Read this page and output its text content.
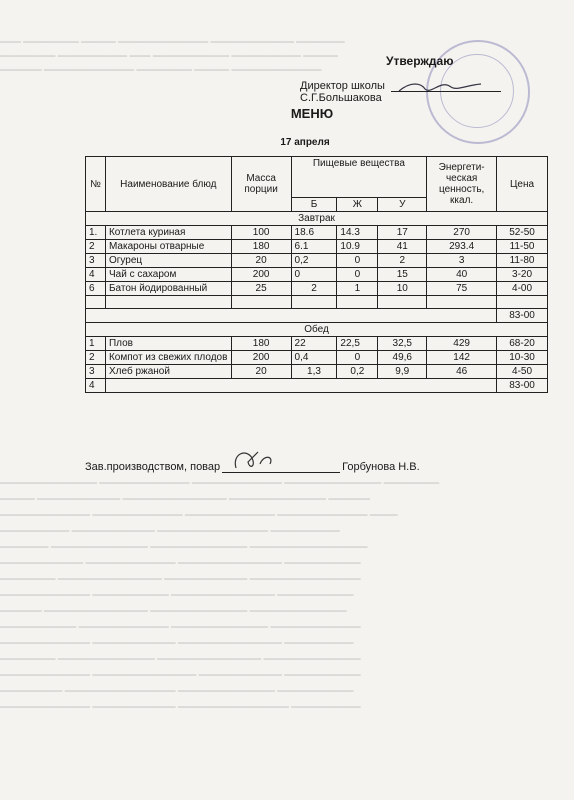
▔▔▔ ▔▔▔▔▔▔▔▔ ▔▔▔▔▔ ▔▔▔▔▔▔▔▔▔▔▔▔▔ ▔▔▔▔▔▔▔▔▔▔▔▔ ▔▔▔▔▔▔▔
▔▔▔▔▔▔▔▔ ▔▔▔▔▔▔▔▔▔▔ ▔▔▔ ▔▔▔▔▔▔▔▔▔▔▔ ▔▔▔▔▔▔▔▔▔▔ ▔▔▔▔▔
▔▔▔▔▔▔ ▔▔▔▔▔▔▔▔▔▔▔▔▔ ▔▔▔▔▔▔▔▔ ▔▔▔▔▔ ▔▔▔▔▔▔▔▔▔▔▔▔▔

▔▔▔▔▔▔▔▔▔▔▔▔▔▔ ▔▔▔▔▔▔▔▔▔▔▔▔▔ ▔▔▔▔▔▔▔▔▔▔▔▔▔ ▔▔▔▔▔▔▔▔▔▔▔▔▔▔ ▔▔▔▔▔▔▔▔
▔▔▔▔▔ ▔▔▔▔▔▔▔▔▔▔▔▔ ▔▔▔▔▔▔▔▔▔▔▔▔▔▔▔ ▔▔▔▔▔▔▔▔▔▔▔▔▔▔ ▔▔▔▔▔▔
▔▔▔▔▔▔▔▔▔▔▔▔▔ ▔▔▔▔▔▔▔▔▔▔▔▔▔ ▔▔▔▔▔▔▔▔▔▔▔▔▔ ▔▔▔▔▔▔▔▔▔▔▔▔▔ ▔▔▔▔
▔▔▔▔▔▔▔▔▔▔ ▔▔▔▔▔▔▔▔▔▔▔▔ ▔▔▔▔▔▔▔▔▔▔▔▔▔▔▔▔ ▔▔▔▔▔▔▔▔▔▔
▔▔▔▔▔▔▔ ▔▔▔▔▔▔▔▔▔▔▔▔▔▔ ▔▔▔▔▔▔▔▔▔▔▔▔▔▔ ▔▔▔▔▔▔▔▔▔▔▔▔▔▔▔▔▔
▔▔▔▔▔▔▔▔▔▔▔▔ ▔▔▔▔▔▔▔▔▔▔▔▔▔ ▔▔▔▔▔▔▔▔▔▔▔▔▔▔▔ ▔▔▔▔▔▔▔▔▔▔▔
▔▔▔▔▔▔▔▔ ▔▔▔▔▔▔▔▔▔▔▔▔▔▔▔ ▔▔▔▔▔▔▔▔▔▔▔▔ ▔▔▔▔▔▔▔▔▔▔▔▔▔▔▔▔
▔▔▔▔▔▔▔▔▔▔▔▔▔ ▔▔▔▔▔▔▔▔▔▔▔ ▔▔▔▔▔▔▔▔▔▔▔▔▔▔▔ ▔▔▔▔▔▔▔▔▔▔▔
▔▔▔▔▔▔ ▔▔▔▔▔▔▔▔▔▔▔▔▔▔▔ ▔▔▔▔▔▔▔▔▔▔▔▔▔▔ ▔▔▔▔▔▔▔▔▔▔▔▔▔▔
▔▔▔▔▔▔▔▔▔▔▔ ▔▔▔▔▔▔▔▔▔▔▔▔▔ ▔▔▔▔▔▔▔▔▔▔▔▔▔▔ ▔▔▔▔▔▔▔▔▔▔▔▔▔
▔▔▔▔▔▔▔▔▔▔▔▔▔ ▔▔▔▔▔▔▔▔▔▔▔▔ ▔▔▔▔▔▔▔▔▔▔▔▔▔▔▔ ▔▔▔▔▔▔▔▔▔▔
▔▔▔▔▔▔▔▔ ▔▔▔▔▔▔▔▔▔▔▔▔▔▔ ▔▔▔▔▔▔▔▔▔▔▔▔▔▔▔ ▔▔▔▔▔▔▔▔▔▔▔▔▔▔
▔▔▔▔▔▔▔▔▔▔▔▔▔ ▔▔▔▔▔▔▔▔▔▔▔▔▔▔▔ ▔▔▔▔▔▔▔▔▔▔▔▔ ▔▔▔▔▔▔▔▔▔▔▔
▔▔▔▔▔▔▔▔▔ ▔▔▔▔▔▔▔▔▔▔▔▔▔▔▔▔ ▔▔▔▔▔▔▔▔▔▔▔▔▔▔ ▔▔▔▔▔▔▔▔▔▔▔
▔▔▔▔▔▔▔▔▔▔▔▔▔ ▔▔▔▔▔▔▔▔▔▔▔▔ ▔▔▔▔▔▔▔▔▔▔▔▔▔▔▔▔ ▔▔▔▔▔▔▔▔▔▔

Утверждаю
Директор школыС.Г.Большакова
МЕНЮ
17 апреля
№	Наименование блюд	Масса порции	Пищевые вещества			Энергети-ческая ценность, ккал.	Цена
			Б	Ж	У		
Завтрак							
1.	Котлета куриная	100	18.6	14.3	17	270	52-50
2	Макароны отварные	180	6.1	10.9	41	293.4	11-50
3	Огурец	20	0,2	0	2	3	11-80
4	Чай с сахаром	200	0	0	15	40	3-20
6	Батон йодированный	25	2	1	10	75	4-00

							83-00
Обед							
1	Плов	180	22	22,5	32,5	429	68-20
2	Компот из свежих плодов	200	0,4	0	49,6	142	10-30
3	Хлеб ржаной	20	1,3	0,2	9,9	46	4-50
4							83-00
Зав.производством, повар	Горбунова Н.В.
